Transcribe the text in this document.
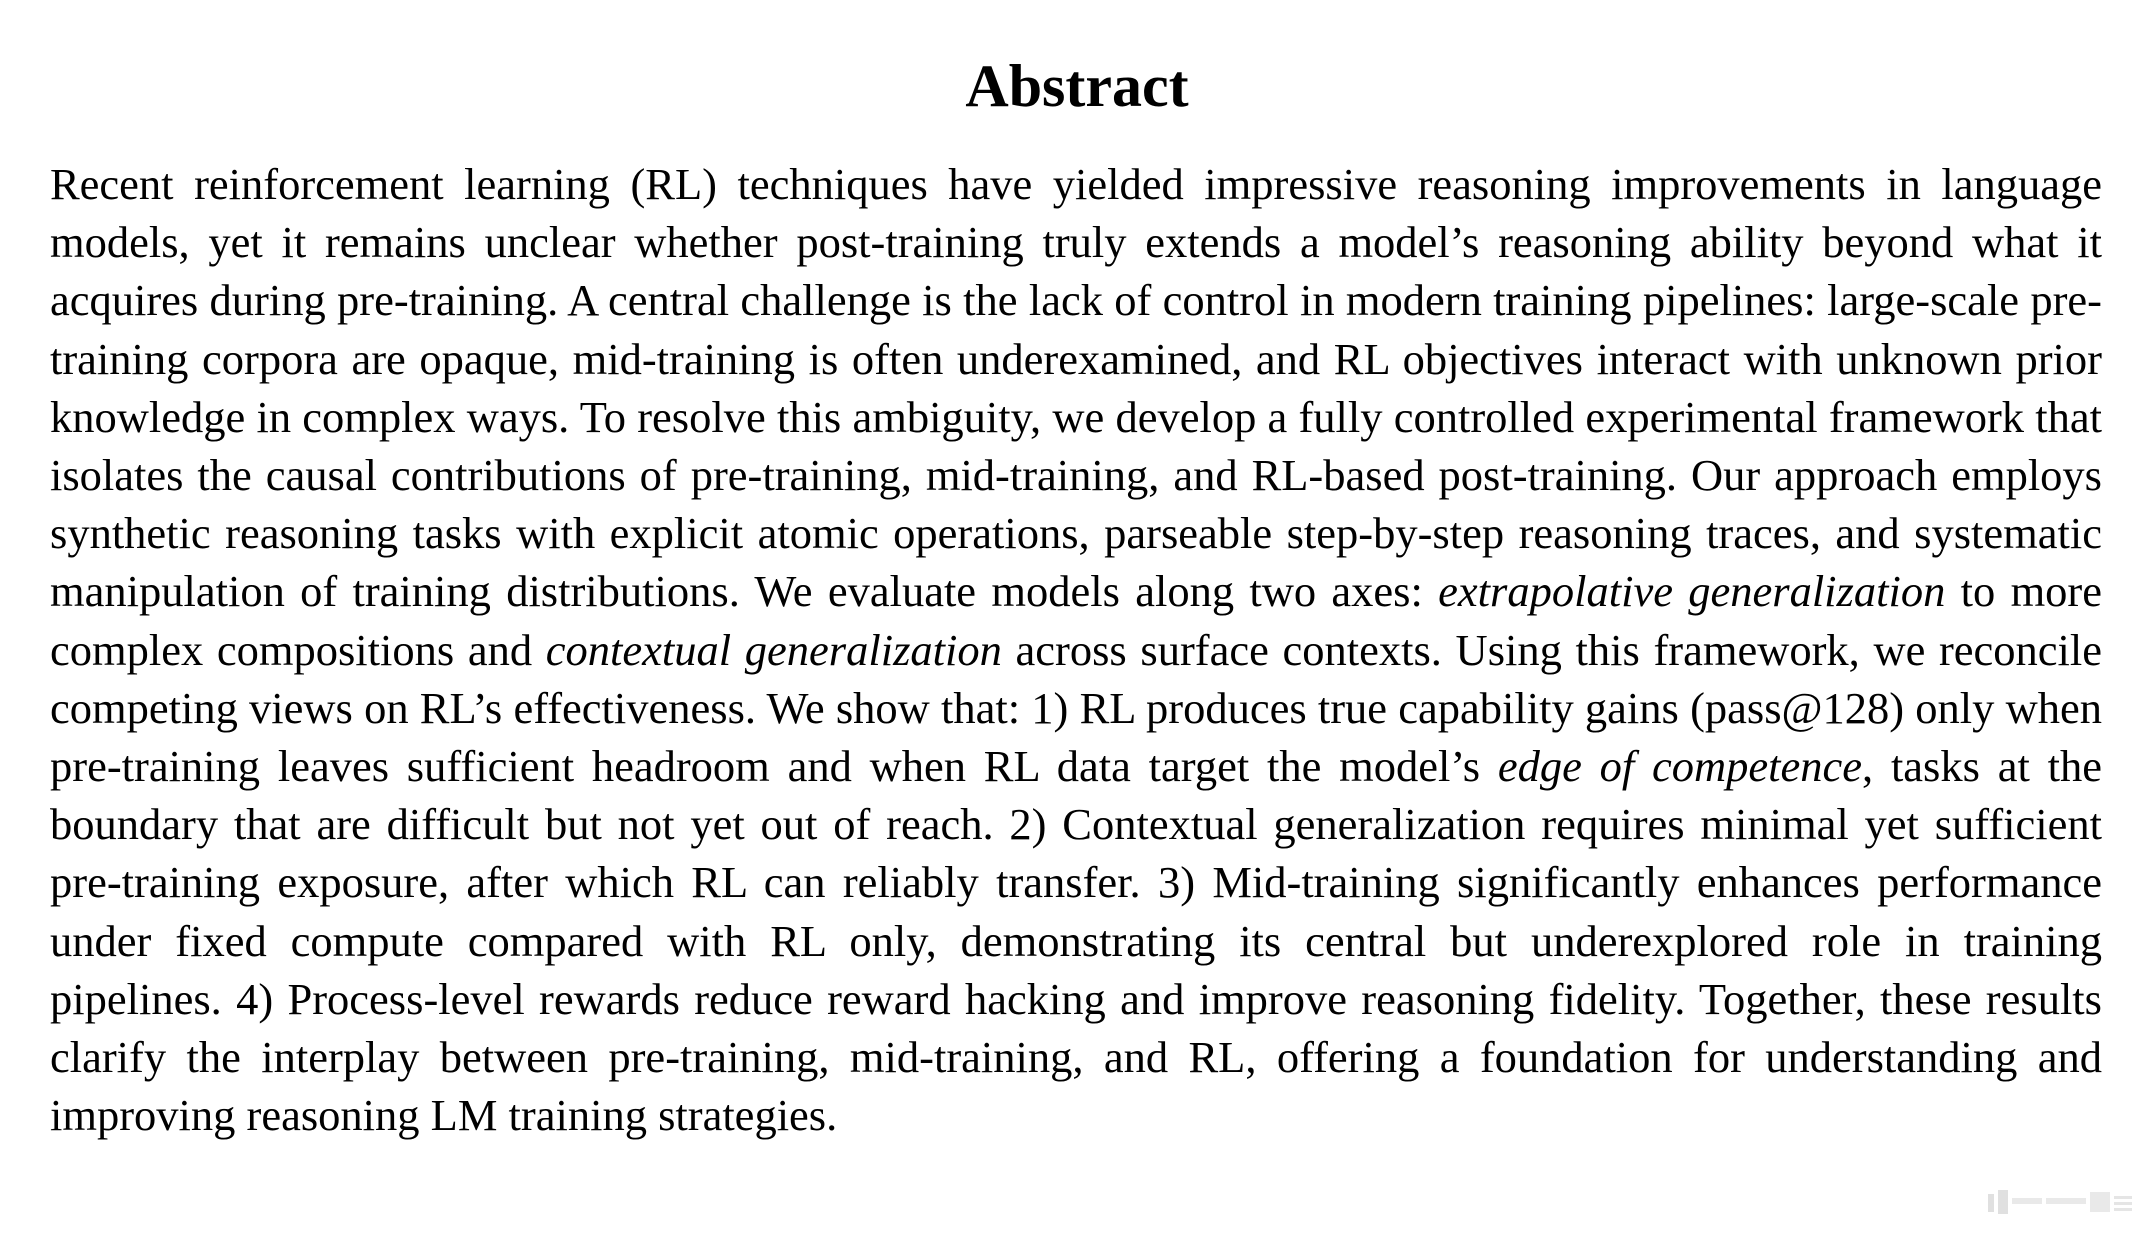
Abstract

Recent reinforcement learning (RL) techniques have yielded impressive reasoning improvements in language models, yet it remains unclear whether post-training truly extends a model’s reasoning ability beyond what it acquires during pre-training. A central challenge is the lack of control in modern training pipelines: large-scale pre-training corpora are opaque, mid-training is often underexamined, and RL objectives interact with unknown prior knowledge in complex ways. To resolve this ambiguity, we develop a fully controlled experimental framework that isolates the causal contributions of pre-training, mid-training, and RL-based post-training. Our approach employs synthetic reasoning tasks with explicit atomic operations, parseable step-by-step reasoning traces, and systematic manipulation of training distributions. We evaluate models along two axes: extrapolative generalization to more complex compositions and contextual generalization across surface contexts. Using this framework, we reconcile competing views on RL’s effectiveness. We show that: 1) RL produces true capability gains (pass@128) only when pre-training leaves sufficient headroom and when RL data target the model’s edge of competence, tasks at the boundary that are difficult but not yet out of reach. 2) Contextual generalization requires minimal yet sufficient pre-training exposure, after which RL can reliably transfer. 3) Mid-training significantly enhances performance under fixed compute compared with RL only, demonstrating its central but underexplored role in training pipelines. 4) Process-level rewards reduce reward hacking and improve reasoning fidelity. Together, these results clarify the interplay between pre-training, mid-training, and RL, offering a foundation for understanding and improving reasoning LM training strategies.
